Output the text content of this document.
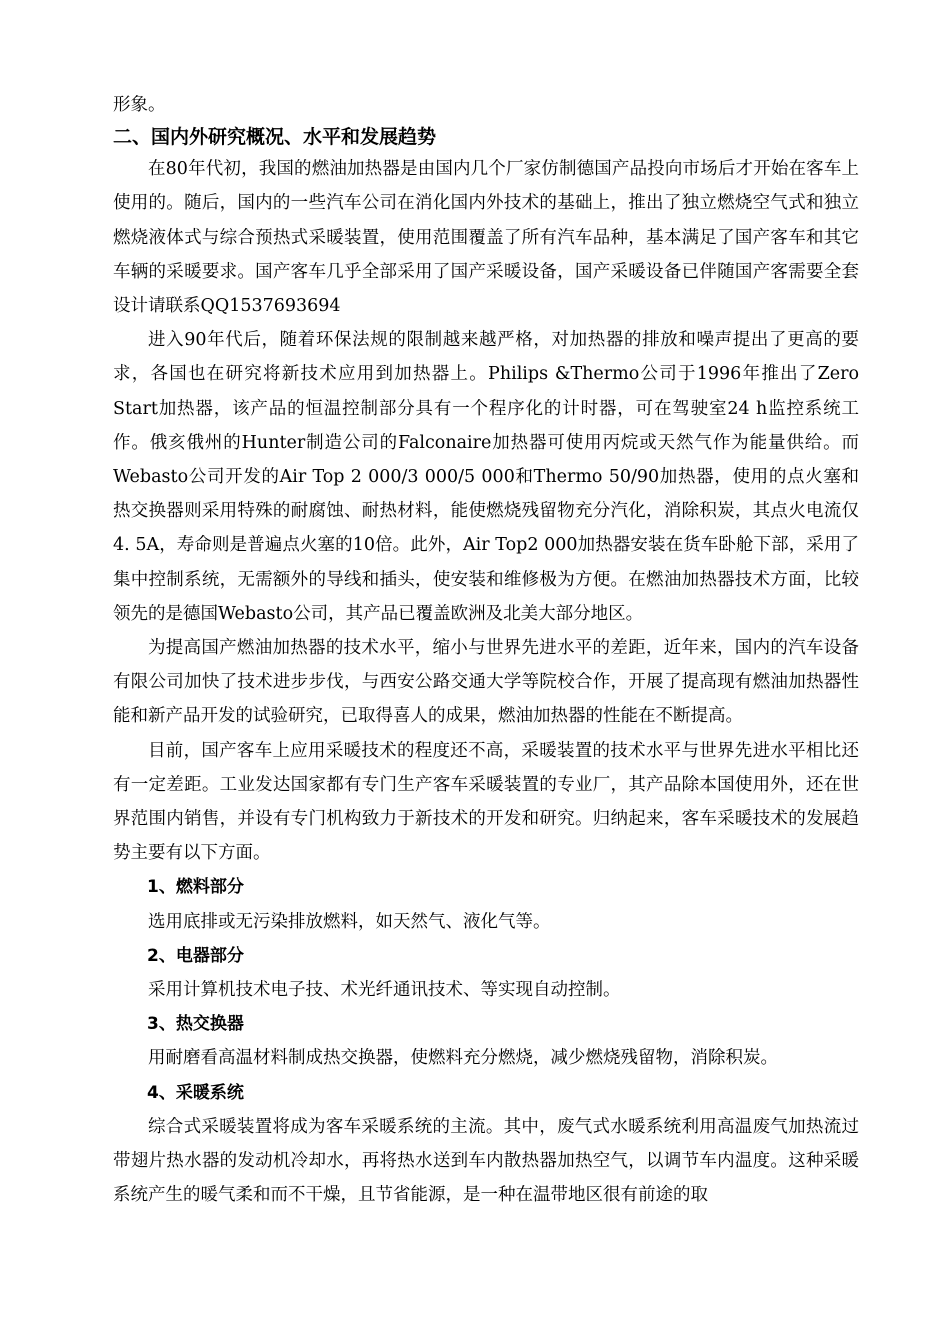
形象。

二、国内外研究概况、水平和发展趋势

在80年代初，我国的燃油加热器是由国内几个厂家仿制德国产品投向市场后才开始在客车上使用的。随后，国内的一些汽车公司在消化国内外技术的基础上，推出了独立燃烧空气式和独立燃烧液体式与综合预热式采暖装置，使用范围覆盖了所有汽车品种，基本满足了国产客车和其它车辆的采暖要求。国产客车几乎全部采用了国产采暖设备，国产采暖设备已伴随国产客需要全套设计请联系QQ1537693694

进入90年代后，随着环保法规的限制越来越严格，对加热器的排放和噪声提出了更高的要求，各国也在研究将新技术应用到加热器上。Philips &Thermo公司于1996年推出了Zero Start加热器，该产品的恒温控制部分具有一个程序化的计时器，可在驾驶室24 h监控系统工作。俄亥俄州的Hunter制造公司的Falconaire加热器可使用丙烷或天然气作为能量供给。而Webasto公司开发的Air Top 2 000/3 000/5 000和Thermo 50/90加热器，使用的点火塞和热交换器则采用特殊的耐腐蚀、耐热材料，能使燃烧残留物充分汽化，消除积炭，其点火电流仅4. 5A，寿命则是普遍点火塞的10倍。此外，Air Top2 000加热器安装在货车卧舱下部，采用了集中控制系统，无需额外的导线和插头，使安装和维修极为方便。在燃油加热器技术方面，比较领先的是德国Webasto公司，其产品已覆盖欧洲及北美大部分地区。

为提高国产燃油加热器的技术水平，缩小与世界先进水平的差距，近年来，国内的汽车设备有限公司加快了技术进步步伐，与西安公路交通大学等院校合作，开展了提高现有燃油加热器性能和新产品开发的试验研究，已取得喜人的成果，燃油加热器的性能在不断提高。

目前，国产客车上应用采暖技术的程度还不高，采暖装置的技术水平与世界先进水平相比还有一定差距。工业发达国家都有专门生产客车采暖装置的专业厂，其产品除本国使用外，还在世界范围内销售，并设有专门机构致力于新技术的开发和研究。归纳起来，客车采暖技术的发展趋势主要有以下方面。

1、燃料部分

选用底排或无污染排放燃料，如天然气、液化气等。

2、电器部分

采用计算机技术电子技、术光纤通讯技术、等实现自动控制。

3、热交换器

用耐磨看高温材料制成热交换器，使燃料充分燃烧，减少燃烧残留物，消除积炭。

4、采暖系统

综合式采暖装置将成为客车采暖系统的主流。其中，废气式水暖系统利用高温废气加热流过带翅片热水器的发动机冷却水，再将热水送到车内散热器加热空气，以调节车内温度。这种采暖系统产生的暖气柔和而不干燥，且节省能源，是一种在温带地区很有前途的取
